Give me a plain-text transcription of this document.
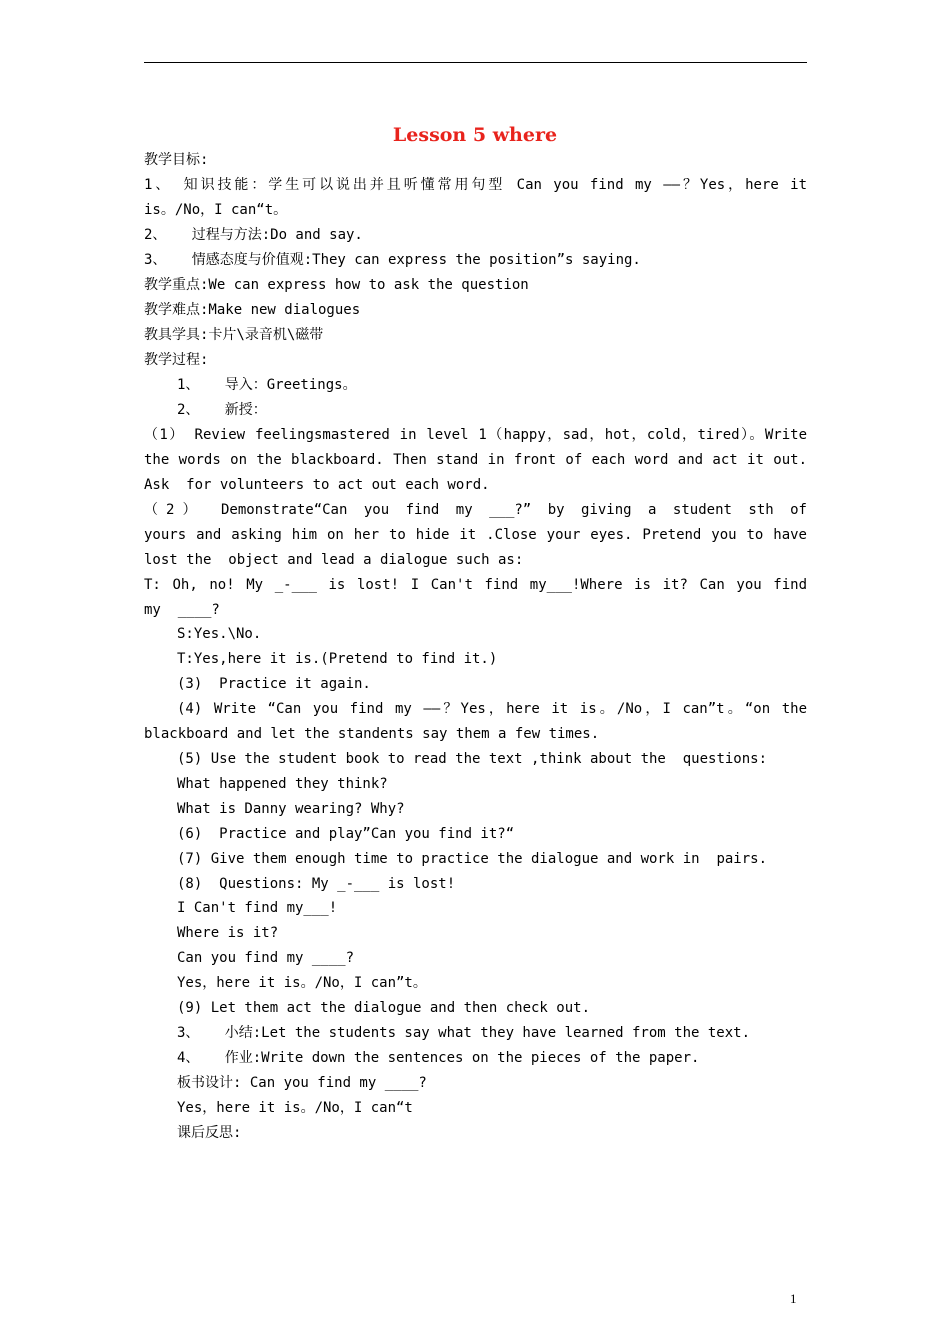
Lesson 5 where
教学目标:
1、 知识技能：学生可以说出并且听懂常用句型 Can you find my ——？Yes，here it
is。/No，I can“t。
2、   过程与方法:Do and say.
3、   情感态度与价值观:They can express the position”s saying.
教学重点:We can express how to ask the question
教学难点:Make new dialogues
教具学具:卡片\录音机\磁带
教学过程:
1、   导入：Greetings。
2、   新授：
（1） Review feelingsmastered in level 1（happy，sad，hot，cold，tired）。Write
the words on the blackboard. Then stand in front of each word and act it out.
Ask  for volunteers to act out each word.
（2） Demonstrate“Can you find my ___?” by giving a student sth of
yours and asking him on her to hide it .Close your eyes. Pretend you to have
lost the  object and lead a dialogue such as:
T: Oh, no! My _-___ is lost! I Can't find my___!Where is it? Can you find
my  ____?
S:Yes.\No.
T:Yes,here it is.(Pretend to find it.)
(3)  Practice it again.
(4) Write “Can you find my ——？Yes，here it is。/No，I can”t。“on the
blackboard and let the standents say them a few times.
(5) Use the student book to read the text ,think about the  questions:
What happened they think?
What is Danny wearing? Why?
(6)  Practice and play”Can you find it?“
(7) Give them enough time to practice the dialogue and work in  pairs.
(8)  Questions: My _-___ is lost!
I Can't find my___!
Where is it?
Can you find my ____?
Yes，here it is。/No，I can”t。
(9) Let them act the dialogue and then check out.
3、   小结:Let the students say what they have learned from the text.
4、   作业:Write down the sentences on the pieces of the paper.
板书设计: Can you find my ____?
Yes，here it is。/No，I can“t
课后反思:
1
